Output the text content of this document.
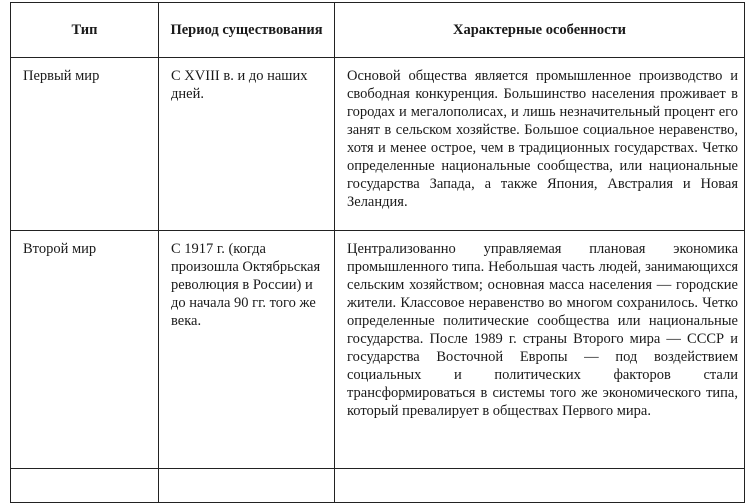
Тип	Период существования	Характерные особенности
Первый мир	С XVIII в. и до наших дней.	Основой общества является промышленное производство и свободная конкуренция. Большинство населения проживает в городах и мегалополисах, и лишь незначительный процент его занят в сельском хозяйстве. Большое социальное неравенство, хотя и менее острое, чем в традиционных государствах. Четко определенные национальные сообщества, или национальные государства Запада, а также Япония, Австралия и Новая Зеландия.
Второй мир	С 1917 г. (когда произошла Октябрьская революция в России) и до начала 90 гг. того же века.	Централизованно управляемая плановая экономика промышленного типа. Небольшая часть людей, занимающихся сельским хозяйством; основная масса населения — городские жители. Классовое неравенство во многом сохранилось. Четко определенные политические сообщества или национальные государства. После 1989 г. страны Второго мира — СССР и государства Восточной Европы — под воздействием социальных и политических факторов стали трансформироваться в системы того же экономического типа, который превалирует в обществах Первого мира.
